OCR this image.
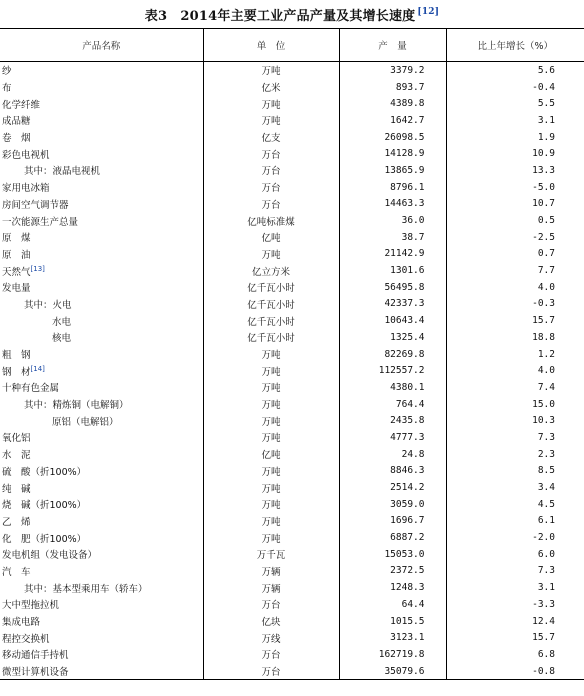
表3　2014年主要工业产品产量及其增长速度 [12]
产品名称	单　位	产　量	比上年增长（%）
纱	万吨	3379.2	5.6
布	亿米	893.7	-0.4
化学纤维	万吨	4389.8	5.5
成品糖	万吨	1642.7	3.1
卷　烟	亿支	26098.5	1.9
彩色电视机	万台	14128.9	10.9
其中：液晶电视机	万台	13865.9	13.3
家用电冰箱	万台	8796.1	-5.0
房间空气调节器	万台	14463.3	10.7
一次能源生产总量	亿吨标准煤	36.0	0.5
原　煤	亿吨	38.7	-2.5
原　油	万吨	21142.9	0.7
天然气[13]	亿立方米	1301.6	7.7
发电量	亿千瓦小时	56495.8	4.0
其中：火电	亿千瓦小时	42337.3	-0.3
水电	亿千瓦小时	10643.4	15.7
核电	亿千瓦小时	1325.4	18.8
粗　钢	万吨	82269.8	1.2
钢　材[14]	万吨	112557.2	4.0
十种有色金属	万吨	4380.1	7.4
其中：精炼铜（电解铜）	万吨	764.4	15.0
原铝（电解铝）	万吨	2435.8	10.3
氧化铝	万吨	4777.3	7.3
水　泥	亿吨	24.8	2.3
硫　酸（折100%）	万吨	8846.3	8.5
纯　碱	万吨	2514.2	3.4
烧　碱（折100%）	万吨	3059.0	4.5
乙　烯	万吨	1696.7	6.1
化　肥（折100%）	万吨	6887.2	-2.0
发电机组（发电设备）	万千瓦	15053.0	6.0
汽　车	万辆	2372.5	7.3
其中：基本型乘用车（轿车）	万辆	1248.3	3.1
大中型拖拉机	万台	64.4	-3.3
集成电路	亿块	1015.5	12.4
程控交换机	万线	3123.1	15.7
移动通信手持机	万台	162719.8	6.8
微型计算机设备	万台	35079.6	-0.8
